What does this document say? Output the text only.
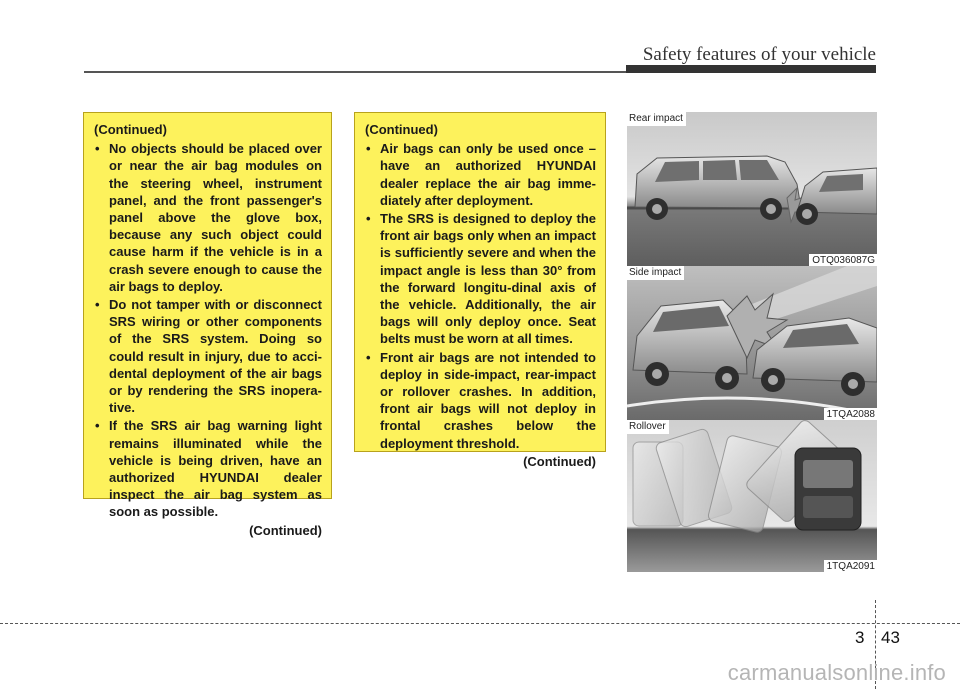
Safety features of your vehicle
(Continued)
• No objects should be placed over or near the air bag modules on the steering wheel, instrument panel, and the front passenger's panel above the glove box, because any such object could cause harm if the vehicle is in a crash severe enough to cause the air bags to deploy.
• Do not tamper with or disconnect SRS wiring or other components of the SRS system. Doing so could result in injury, due to acci-dental deployment of the air bags or by rendering the SRS inopera-tive.
• If the SRS air bag warning light remains illuminated while the vehicle is being driven, have an authorized HYUNDAI dealer inspect the air bag system as soon as possible.
(Continued)
(Continued)
• Air bags can only be used once – have an authorized HYUNDAI dealer replace the air bag imme-diately after deployment.
• The SRS is designed to deploy the front air bags only when an impact is sufficiently severe and when the impact angle is less than 30° from the forward longitu-dinal axis of the vehicle. Additionally, the air bags will only deploy once. Seat belts must be worn at all times.
• Front air bags are not intended to deploy in side-impact, rear-impact or rollover crashes. In addition, front air bags will not deploy in frontal crashes below the deployment threshold.
(Continued)
Rear impact
OTQ036087G
Side impact
1TQA2088
Rollover
1TQA2091
3 43
carmanualsonline.info
